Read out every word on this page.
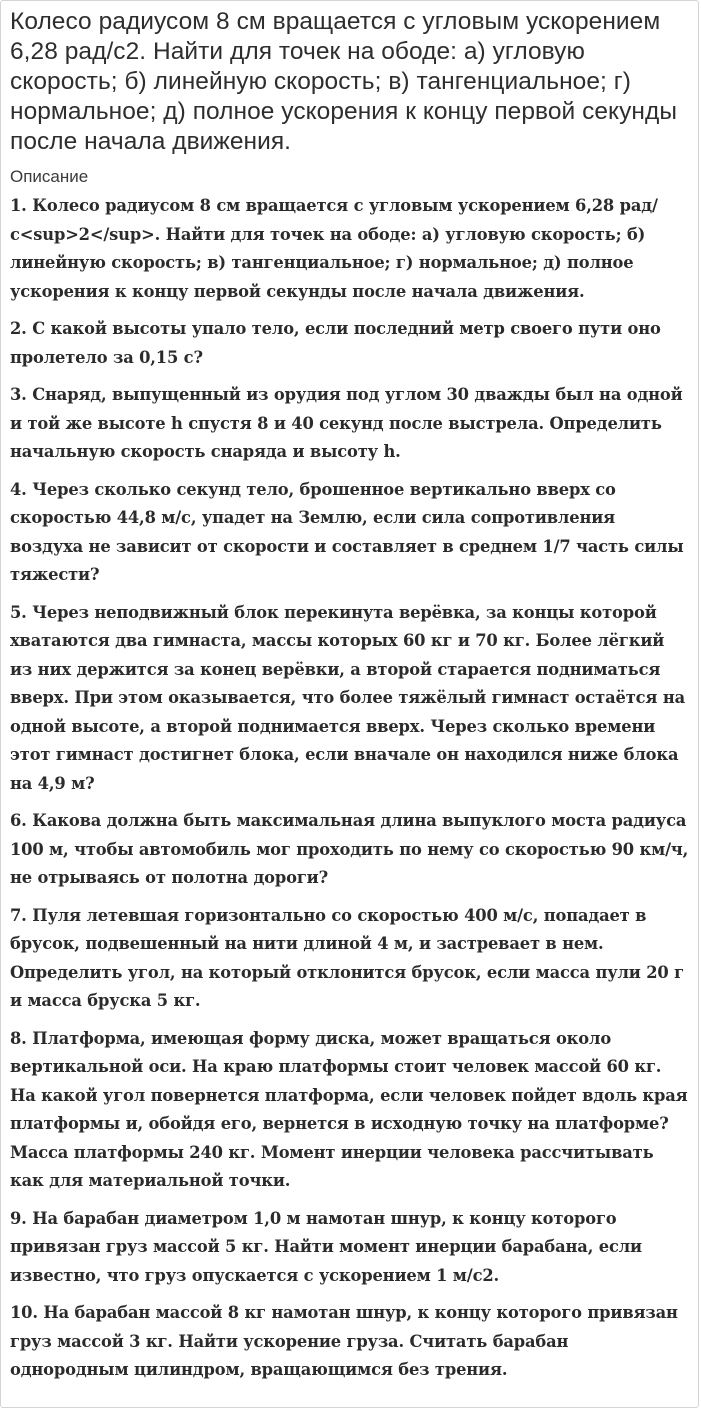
Колесо радиусом 8 см вращается с угловым ускорением 6,28 рад/с2. Найти для точек на ободе: а) угловую скорость; б) линейную скорость; в) тангенциальное; г) нормальное; д) полное ускорения к концу первой секунды после начала движения.
Описание

1. Колесо радиусом 8 см вращается с угловым ускорением 6,28 рад/с<sup>2</sup>. Найти для точек на ободе: а) угловую скорость; б) линейную скорость; в) тангенциальное; г) нормальное; д) полное ускорения к концу первой секунды после начала движения.

2. С какой высоты упало тело, если последний метр своего пути оно пролетело за 0,15 с?

3. Снаряд, выпущенный из орудия под углом 30 дважды был на одной и той же высоте h спустя 8 и 40 секунд после выстрела. Определить начальную скорость снаряда и высоту h.

4. Через сколько секунд тело, брошенное вертикально вверх со скоростью 44,8 м/с, упадет на Землю, если сила сопротивления воздуха не зависит от скорости и составляет в среднем 1/7 часть силы тяжести?

5. Через неподвижный блок перекинута верёвка, за концы которой хватаются два гимнаста, массы которых 60 кг и 70 кг. Более лёгкий из них держится за конец верёвки, а второй старается подниматься вверх. При этом оказывается, что более тяжёлый гимнаст остаётся на одной высоте, а второй поднимается вверх. Через сколько времени этот гимнаст достигнет блока, если вначале он находился ниже блока на 4,9 м?

6. Какова должна быть максимальная длина выпуклого моста радиуса 100 м, чтобы автомобиль мог проходить по нему со скоростью 90 км/ч, не отрываясь от полотна дороги?

7. Пуля летевшая горизонтально со скоростью 400 м/с, попадает в брусок, подвешенный на нити длиной 4 м, и застревает в нем. Определить угол, на который отклонится брусок, если масса пули 20 г и масса бруска 5 кг.

8. Платформа, имеющая форму диска, может вращаться около вертикальной оси. На краю платформы стоит человек массой 60 кг. На какой угол повернется платформа, если человек пойдет вдоль края платформы и, обойдя его, вернется в исходную точку на платформе? Масса платформы 240 кг. Момент инерции человека рассчитывать как для материальной точки.

9. На барабан диаметром 1,0 м намотан шнур, к концу которого привязан груз массой 5 кг. Найти момент инерции барабана, если известно, что груз опускается с ускорением 1 м/с2.

10. На барабан массой 8 кг намотан шнур, к концу которого привязан груз массой 3 кг. Найти ускорение груза. Считать барабан однородным цилиндром, вращающимся без трения.
